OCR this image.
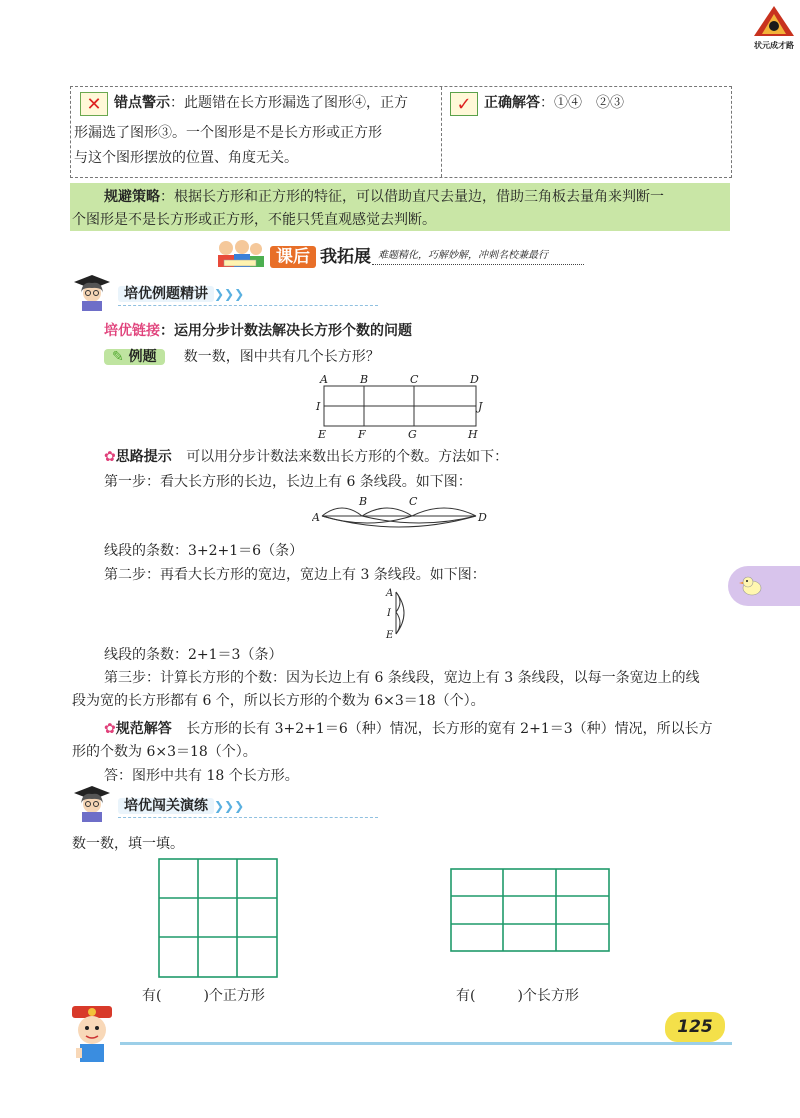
状元成才路
✕ 错点警示：此题错在长方形漏选了图形④，正方
形漏选了图形③。一个图形是不是长方形或正方形
与这个图形摆放的位置、角度无关。
✓ 正确解答：①④　②③
规避策略：根据长方形和正方形的特征，可以借助直尺去量边，借助三角板去量角来判断一
个图形是不是长方形或正方形，不能只凭直观感觉去判断。
课后 我拓展 难题精化，巧解妙解，冲刺名校兼最行
培优例题精讲 ❯❯❯
培优链接：运用分步计数法解决长方形个数的问题
✎ 例题 数一数，图中共有几个长方形？
A	B	C	D
I	J
E	F	G	H
✿思路提示 可以用分步计数法来数出长方形的个数。方法如下：
第一步：看大长方形的长边，长边上有 6 条线段。如下图：
A
B	C
D
线段的条数：3+2+1＝6（条）
第二步：再看大长方形的宽边，宽边上有 3 条线段。如下图：
A
I
E
线段的条数：2+1＝3（条）
第三步：计算长方形的个数：因为长边上有 6 条线段，宽边上有 3 条线段，以每一条宽边上的线
段为宽的长方形都有 6 个，所以长方形的个数为 6×3＝18（个）。
✿规范解答 长方形的长有 3+2+1＝6（种）情况，长方形的宽有 2+1＝3（种）情况，所以长方
形的个数为 6×3＝18（个）。
答：图形中共有 18 个长方形。
培优闯关演练 ❯❯❯
数一数，填一填。
有(　　　)个正方形	有(　　　)个长方形
125
